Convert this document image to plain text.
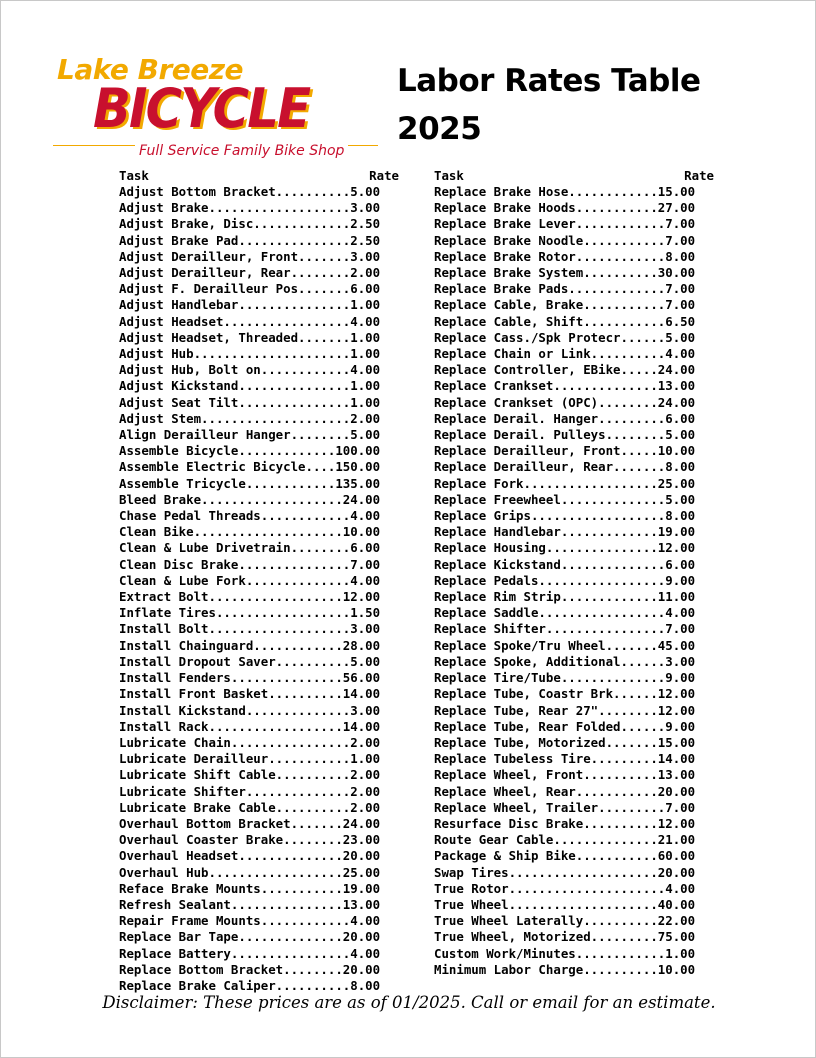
Lake Breeze
BICYCLE
Full Service Family Bike Shop
Labor Rates Table
2025
Task	Rate
Adjust Bottom Bracket..........5.00
Adjust Brake...................3.00
Adjust Brake, Disc.............2.50
Adjust Brake Pad...............2.50
Adjust Derailleur, Front.......3.00
Adjust Derailleur, Rear........2.00
Adjust F. Derailleur Pos.......6.00
Adjust Handlebar...............1.00
Adjust Headset.................4.00
Adjust Headset, Threaded.......1.00
Adjust Hub.....................1.00
Adjust Hub, Bolt on............4.00
Adjust Kickstand...............1.00
Adjust Seat Tilt...............1.00
Adjust Stem....................2.00
Align Derailleur Hanger........5.00
Assemble Bicycle.............100.00
Assemble Electric Bicycle....150.00
Assemble Tricycle............135.00
Bleed Brake...................24.00
Chase Pedal Threads............4.00
Clean Bike....................10.00
Clean & Lube Drivetrain........6.00
Clean Disc Brake...............7.00
Clean & Lube Fork..............4.00
Extract Bolt..................12.00
Inflate Tires..................1.50
Install Bolt...................3.00
Install Chainguard............28.00
Install Dropout Saver..........5.00
Install Fenders...............56.00
Install Front Basket..........14.00
Install Kickstand..............3.00
Install Rack..................14.00
Lubricate Chain................2.00
Lubricate Derailleur...........1.00
Lubricate Shift Cable..........2.00
Lubricate Shifter..............2.00
Lubricate Brake Cable..........2.00
Overhaul Bottom Bracket.......24.00
Overhaul Coaster Brake........23.00
Overhaul Headset..............20.00
Overhaul Hub..................25.00
Reface Brake Mounts...........19.00
Refresh Sealant...............13.00
Repair Frame Mounts............4.00
Replace Bar Tape..............20.00
Replace Battery................4.00
Replace Bottom Bracket........20.00
Replace Brake Caliper..........8.00
Task	Rate
Replace Brake Hose............15.00
Replace Brake Hoods...........27.00
Replace Brake Lever............7.00
Replace Brake Noodle...........7.00
Replace Brake Rotor............8.00
Replace Brake System..........30.00
Replace Brake Pads.............7.00
Replace Cable, Brake...........7.00
Replace Cable, Shift...........6.50
Replace Cass./Spk Protecr......5.00
Replace Chain or Link..........4.00
Replace Controller, EBike.....24.00
Replace Crankset..............13.00
Replace Crankset (OPC)........24.00
Replace Derail. Hanger.........6.00
Replace Derail. Pulleys........5.00
Replace Derailleur, Front.....10.00
Replace Derailleur, Rear.......8.00
Replace Fork..................25.00
Replace Freewheel..............5.00
Replace Grips..................8.00
Replace Handlebar.............19.00
Replace Housing...............12.00
Replace Kickstand..............6.00
Replace Pedals.................9.00
Replace Rim Strip.............11.00
Replace Saddle.................4.00
Replace Shifter................7.00
Replace Spoke/Tru Wheel.......45.00
Replace Spoke, Additional......3.00
Replace Tire/Tube..............9.00
Replace Tube, Coastr Brk......12.00
Replace Tube, Rear 27"........12.00
Replace Tube, Rear Folded......9.00
Replace Tube, Motorized.......15.00
Replace Tubeless Tire.........14.00
Replace Wheel, Front..........13.00
Replace Wheel, Rear...........20.00
Replace Wheel, Trailer.........7.00
Resurface Disc Brake..........12.00
Route Gear Cable..............21.00
Package & Ship Bike...........60.00
Swap Tires....................20.00
True Rotor.....................4.00
True Wheel....................40.00
True Wheel Laterally..........22.00
True Wheel, Motorized.........75.00
Custom Work/Minutes............1.00
Minimum Labor Charge..........10.00
Disclaimer: These prices are as of 01/2025. Call or email for an estimate.
